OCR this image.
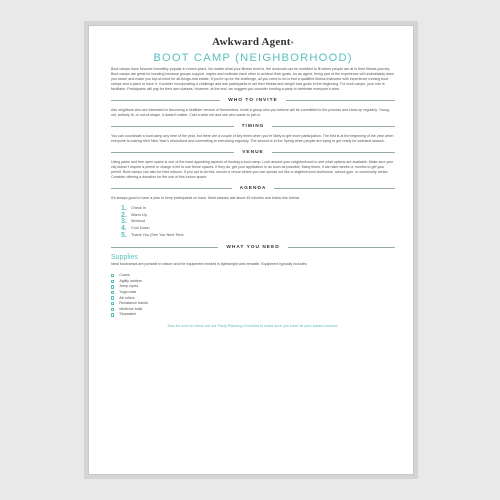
Awkward Agent®
BOOT CAMP (NEIGHBORHOOD)

Boot camps have become incredibly popular in recent years. No matter what your fitness level is, the workouts can be modified to fit where people are at in their fitness journey. Boot camps are great for bonding because groups support, inspire and motivate each other to achieve their goals. As an agent, being part of the experience will undoubtably draw you closer and make you top-of-mind for all-things-real estate. If you’re up for the challenge, all you need to do is find a qualified fitness instructor with experience running boot camps and a place to have it. Consider incorporating a challenge and ask participants to set their fitness and weight loss goals in the beginning. For boot camps, your role is facilitator. Participants will pay for their own classes. However, at the end, we suggest you consider hosting a party to celebrate everyone’s wins.

WHO TO INVITE

Ask neighbors who are interested in becoming a healthier version of themselves. Invite a group who you believe will be committed to the process and show up regularly. Young, old, actively fit, or out-of-shape, it doesn’t matter. Cast a wide net and see who wants to join in.

TIMING

You can coordinate a boot camp any time of the year, but there are a couple of key times when you’re likely to get more participation. The first is at the beginning of the year when everyone is making their New Year’s resolutions and committing to exercising regularly. The second is in the Spring when people are trying to get ready for swimsuit season.

VENUE

Using parks and free open space is one of the most appealing aspects of hosting a boot camp. Look around your neighborhood to see what options are available. Make sure your city doesn’t require a permit or charge a fee to use these spaces. If they do, get your application in as soon as possible. Many times, it can take weeks or months to get your permit. Boot camps can also be held indoors. If you opt to do this, secure a venue where you can spread out like a neighborhood clubhouse, school gym, or community center. Consider offering a donation for the use of this indoor space.

AGENDA

It’s always good to have a plan to keep participants on track. Most classes last about 45 minutes and follow this format.

1.	Check In
2.	Warm Up
3.	Workout
4.	Cool Down
5.	Thank You (See You Next Time
WHAT YOU NEED
Supplies

Ideal bootcamps are portable in nature and the equipment needed is lightweight and versatile. Equipment typically includes:

Cones
Agility ladders
Jump ropes
Yoga mats
Ab rollers
Resistance bands
Medicine balls
Stopwatch
Also be sure to check out our Party Planning Checklist to make sure you have all your bases covered.
